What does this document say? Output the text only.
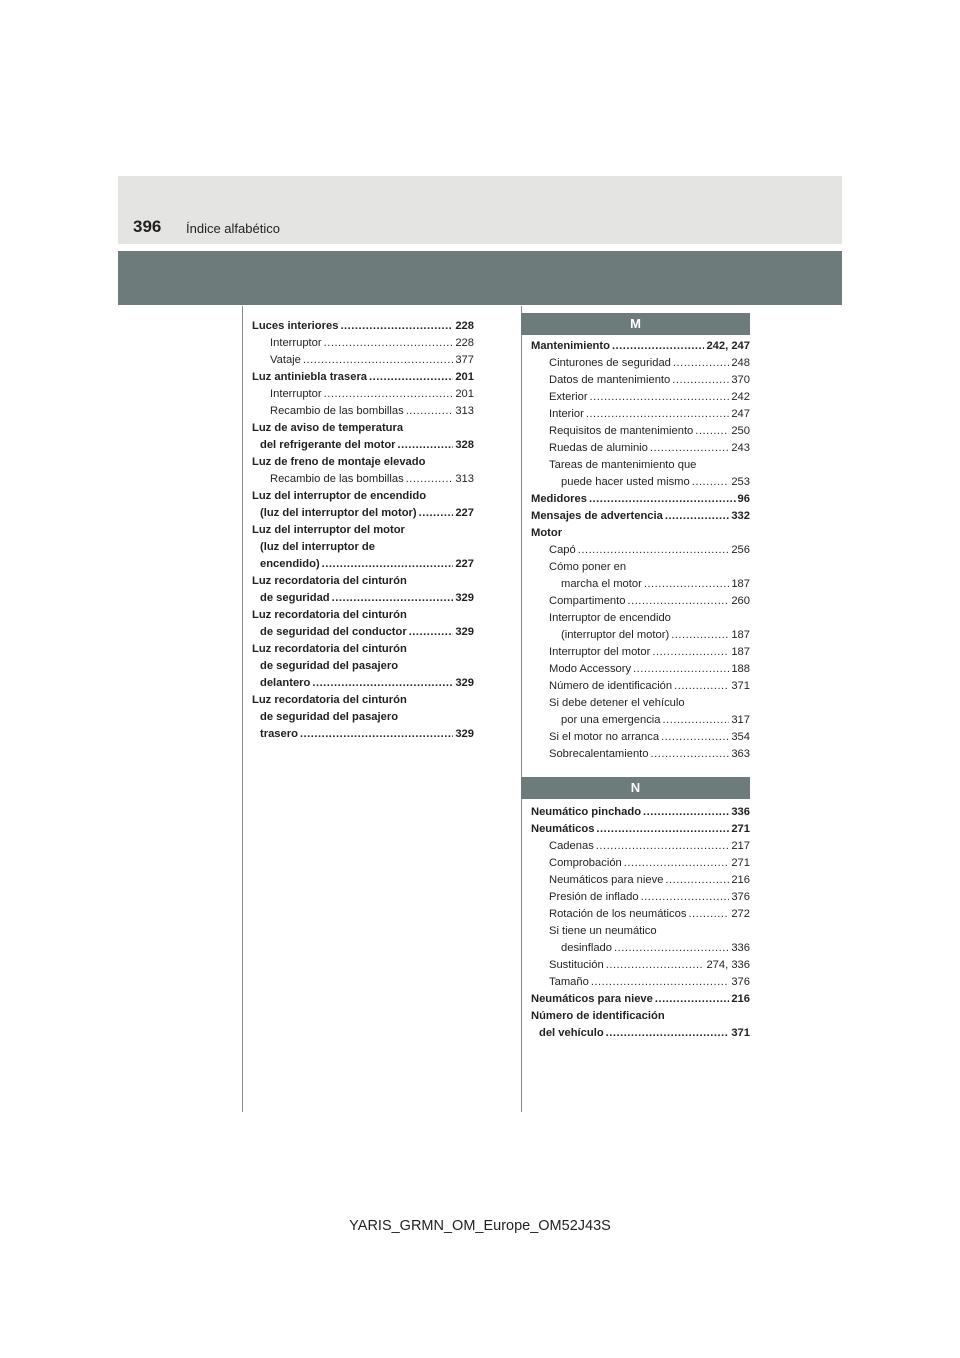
396 Índice alfabético
Luces interiores .....	228
Interruptor .....	228
Vataje .....	377
Luz antiniebla trasera .....	201
Interruptor .....	201
Recambio de las bombillas .....	313
Luz de aviso de temperatura
del refrigerante del motor .....	328
Luz de freno de montaje elevado
Recambio de las bombillas .....	313
Luz del interruptor de encendido
(luz del interruptor del motor) .....	227
Luz del interruptor del motor
(luz del interruptor de
encendido) .....	227
Luz recordatoria del cinturón
de seguridad .....	329
Luz recordatoria del cinturón
de seguridad del conductor .....	329
Luz recordatoria del cinturón
de seguridad del pasajero
delantero .....	329
Luz recordatoria del cinturón
de seguridad del pasajero
trasero .....	329
M
Mantenimiento .....	242, 247
Cinturones de seguridad .....	248
Datos de mantenimiento .....	370
Exterior .....	242
Interior .....	247
Requisitos de mantenimiento .....	250
Ruedas de aluminio .....	243
Tareas de mantenimiento que
puede hacer usted mismo .....	253
Medidores .....	96
Mensajes de advertencia .....	332
Motor
Capó .....	256
Cómo poner en
marcha el motor .....	187
Compartimento .....	260
Interruptor de encendido
(interruptor del motor) .....	187
Interruptor del motor .....	187
Modo Accessory .....	188
Número de identificación .....	371
Si debe detener el vehículo
por una emergencia .....	317
Si el motor no arranca .....	354
Sobrecalentamiento .....	363
N
Neumático pinchado .....	336
Neumáticos .....	271
Cadenas .....	217
Comprobación .....	271
Neumáticos para nieve .....	216
Presión de inflado .....	376
Rotación de los neumáticos .....	272
Si tiene un neumático
desinflado .....	336
Sustitución .....	274, 336
Tamaño .....	376
Neumáticos para nieve .....	216
Número de identificación
del vehículo .....	371
YARIS_GRMN_OM_Europe_OM52J43S
